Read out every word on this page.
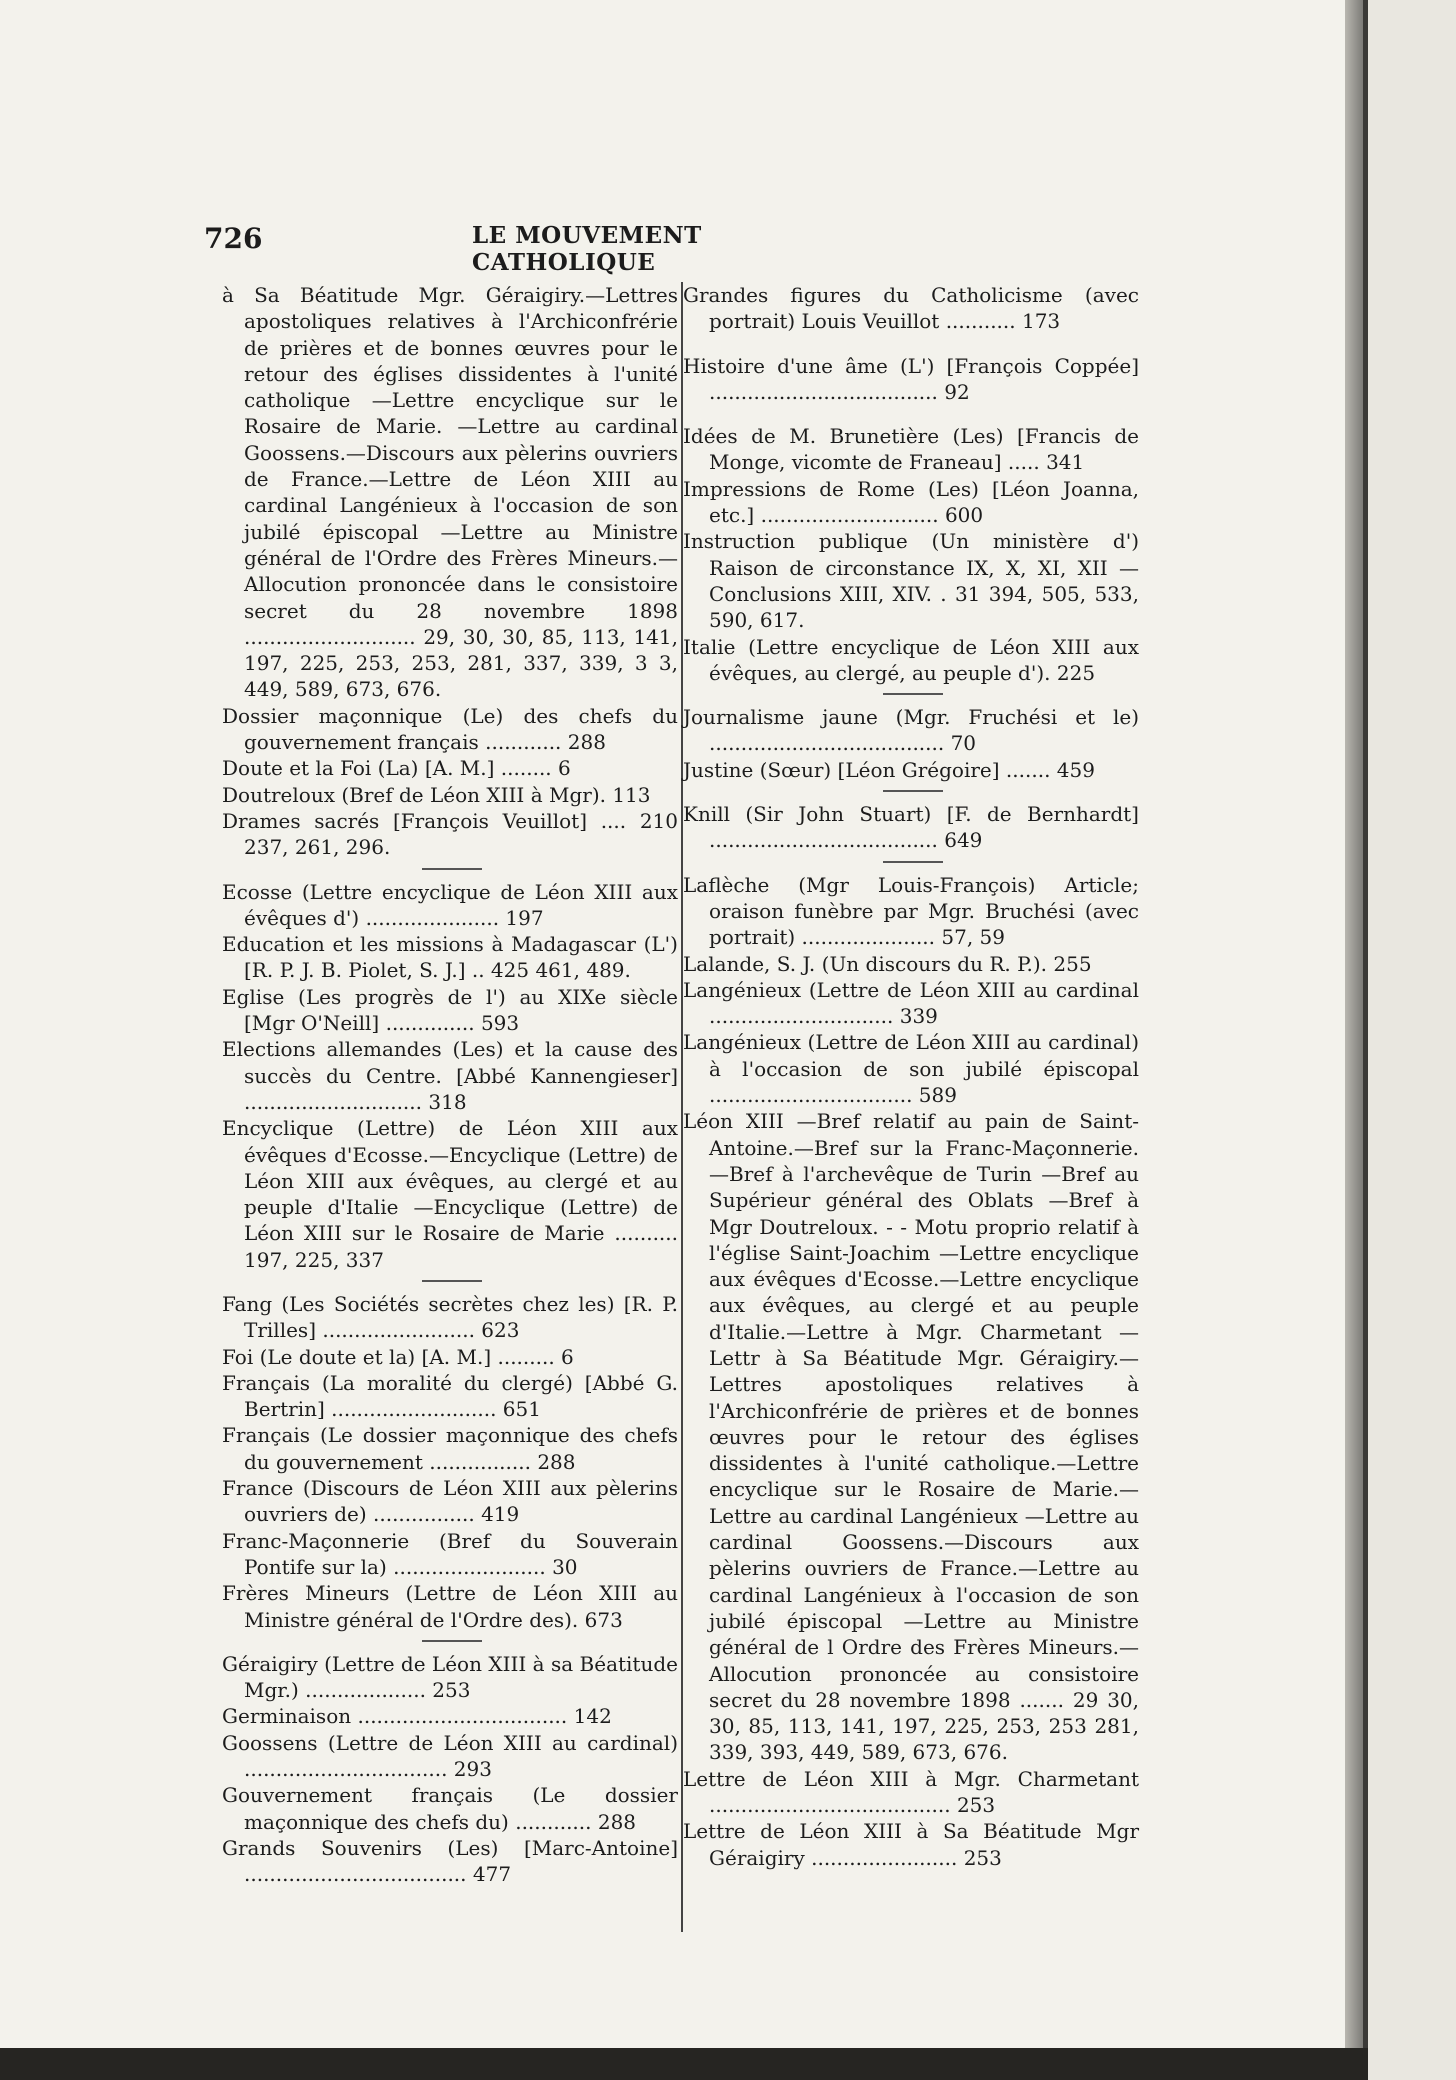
726	LE MOUVEMENT CATHOLIQUE

à Sa Béatitude Mgr. Géraigiry.—Lettres apostoliques relatives à l'Archiconfrérie de prières et de bonnes œuvres pour le retour des églises dissidentes à l'unité catholique —Lettre encyclique sur le Rosaire de Marie. —Lettre au cardinal Goossens.—Discours aux pèlerins ouvriers de France.—Lettre de Léon XIII au cardinal Langénieux à l'occasion de son jubilé épiscopal —Lettre au Ministre général de l'Ordre des Frères Mineurs.—Allocution prononcée dans le consistoire secret du 28 novembre 1898 ........................... 29, 30, 30, 85, 113, 141, 197, 225, 253, 253, 281, 337, 339, 3 3, 449, 589, 673, 676.

Dossier maçonnique (Le) des chefs du gouvernement français ............ 288

Doute et la Foi (La) [A. M.] ........ 6

Doutreloux (Bref de Léon XIII à Mgr). 113

Drames sacrés [François Veuillot] .... 210 237, 261, 296.

Ecosse (Lettre encyclique de Léon XIII aux évêques d') ..................... 197

Education et les missions à Madagascar (L') [R. P. J. B. Piolet, S. J.] .. 425 461, 489.

Eglise (Les progrès de l') au XIXe siècle [Mgr O'Neill] .............. 593

Elections allemandes (Les) et la cause des succès du Centre. [Abbé Kannengieser] ............................ 318

Encyclique (Lettre) de Léon XIII aux évêques d'Ecosse.—Encyclique (Lettre) de Léon XIII aux évêques, au clergé et au peuple d'Italie —Encyclique (Lettre) de Léon XIII sur le Rosaire de Marie .......... 197, 225, 337

Fang (Les Sociétés secrètes chez les) [R. P. Trilles] ........................ 623

Foi (Le doute et la) [A. M.] ......... 6

Français (La moralité du clergé) [Abbé G. Bertrin] .......................... 651

Français (Le dossier maçonnique des chefs du gouvernement ................ 288

France (Discours de Léon XIII aux pèlerins ouvriers de) ................ 419

Franc-Maçonnerie (Bref du Souverain Pontife sur la) ........................ 30

Frères Mineurs (Lettre de Léon XIII au Ministre général de l'Ordre des). 673

Géraigiry (Lettre de Léon XIII à sa Béatitude Mgr.) ................... 253

Germinaison ................................. 142

Goossens (Lettre de Léon XIII au cardinal) ................................ 293

Gouvernement français (Le dossier maçonnique des chefs du) ............ 288

Grands Souvenirs (Les) [Marc-Antoine] ................................... 477

Grandes figures du Catholicisme (avec portrait) Louis Veuillot ........... 173

Histoire d'une âme (L') [François Coppée] .................................... 92

Idées de M. Brunetière (Les) [Francis de Monge, vicomte de Franeau] ..... 341

Impressions de Rome (Les) [Léon Joanna, etc.] ............................ 600

Instruction publique (Un ministère d') Raison de circonstance IX, X, XI, XII —Conclusions XIII, XIV. . 31 394, 505, 533, 590, 617.

Italie (Lettre encyclique de Léon XIII aux évêques, au clergé, au peuple d'). 225

Journalisme jaune (Mgr. Fruchési et le) ..................................... 70

Justine (Sœur) [Léon Grégoire] ....... 459

Knill (Sir John Stuart) [F. de Bernhardt] .................................... 649

Laflèche (Mgr Louis-François) Article; oraison funèbre par Mgr. Bruchési (avec portrait) ..................... 57, 59

Lalande, S. J. (Un discours du R. P.). 255

Langénieux (Lettre de Léon XIII au cardinal ............................. 339

Langénieux (Lettre de Léon XIII au cardinal) à l'occasion de son jubilé épiscopal ................................ 589

Léon XIII —Bref relatif au pain de Saint-Antoine.—Bref sur la Franc-Maçonnerie.—Bref à l'archevêque de Turin —Bref au Supérieur général des Oblats —Bref à Mgr Doutreloux. - - Motu proprio relatif à l'église Saint-Joachim —Lettre encyclique aux évêques d'Ecosse.—Lettre encyclique aux évêques, au clergé et au peuple d'Italie.—Lettre à Mgr. Charmetant —Lettr à Sa Béatitude Mgr. Géraigiry.—Lettres apostoliques relatives à l'Archiconfrérie de prières et de bonnes œuvres pour le retour des églises dissidentes à l'unité catholique.—Lettre encyclique sur le Rosaire de Marie.—Lettre au cardinal Langénieux —Lettre au cardinal Goossens.—Discours aux pèlerins ouvriers de France.—Lettre au cardinal Langénieux à l'occasion de son jubilé épiscopal —Lettre au Ministre général de l Ordre des Frères Mineurs.—Allocution prononcée au consistoire secret du 28 novembre 1898 ....... 29 30, 30, 85, 113, 141, 197, 225, 253, 253 281, 339, 393, 449, 589, 673, 676.

Lettre de Léon XIII à Mgr. Charmetant ...................................... 253

Lettre de Léon XIII à Sa Béatitude Mgr Géraigiry ....................... 253
